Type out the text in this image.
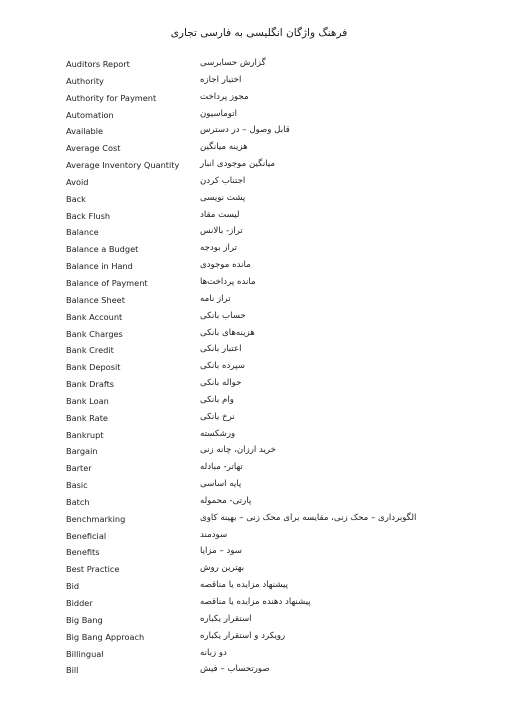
فرهنگ واژگان انگلیسی به فارسی تجاری
Auditors Report	گزارش حسابرسی
Authority	اختیار اجازه
Authority for Payment	مجوز پرداخت
Automation	اتوماسیون
Available	قابل وصول – در دسترس
Average Cost	هزینه میانگین
Average Inventory Quantity میانگین موجودی انبار
Avoid	اجتناب کردن
Back	پشت نویسی
Back Flush	لیست مقاد
Balance	تراز- بالانس
Balance a Budget	تراز بودجه
Balance in Hand	مانده موجودی
Balance of Payment	مانده پرداخت‌ها
Balance Sheet	تراز نامه
Bank Account	حساب بانکی
Bank Charges	هزینه‌های بانکی
Bank Credit	اعتبار بانکی
Bank Deposit	سپرده بانکی
Bank Drafts	حواله بانکی
Bank Loan	وام بانکی
Bank Rate	نرخ بانکی
Bankrupt	ورشکسته
Bargain	خرید ارزان، چانه زنی
Barter	تهاتر- مبادله
Basic	پایه اساسی
Batch	پارتی- محموله
Benchmarking	الگوبرداری – محک زنی، مقایسه برای محک زنی – بهینه کاوی
Beneficial	سودمند
Benefits	سود – مزایا
Best Practice	بهترین روش
Bid	پیشنهاد مزایده یا مناقصه
Bidder	پیشنهاد دهنده مزایده یا مناقصه
Big Bang	استقرار یکباره
Big Bang Approach	رویکرد و استقرار یکباره
Billingual	دو زبانه
Bill	صورتحساب – فیش
